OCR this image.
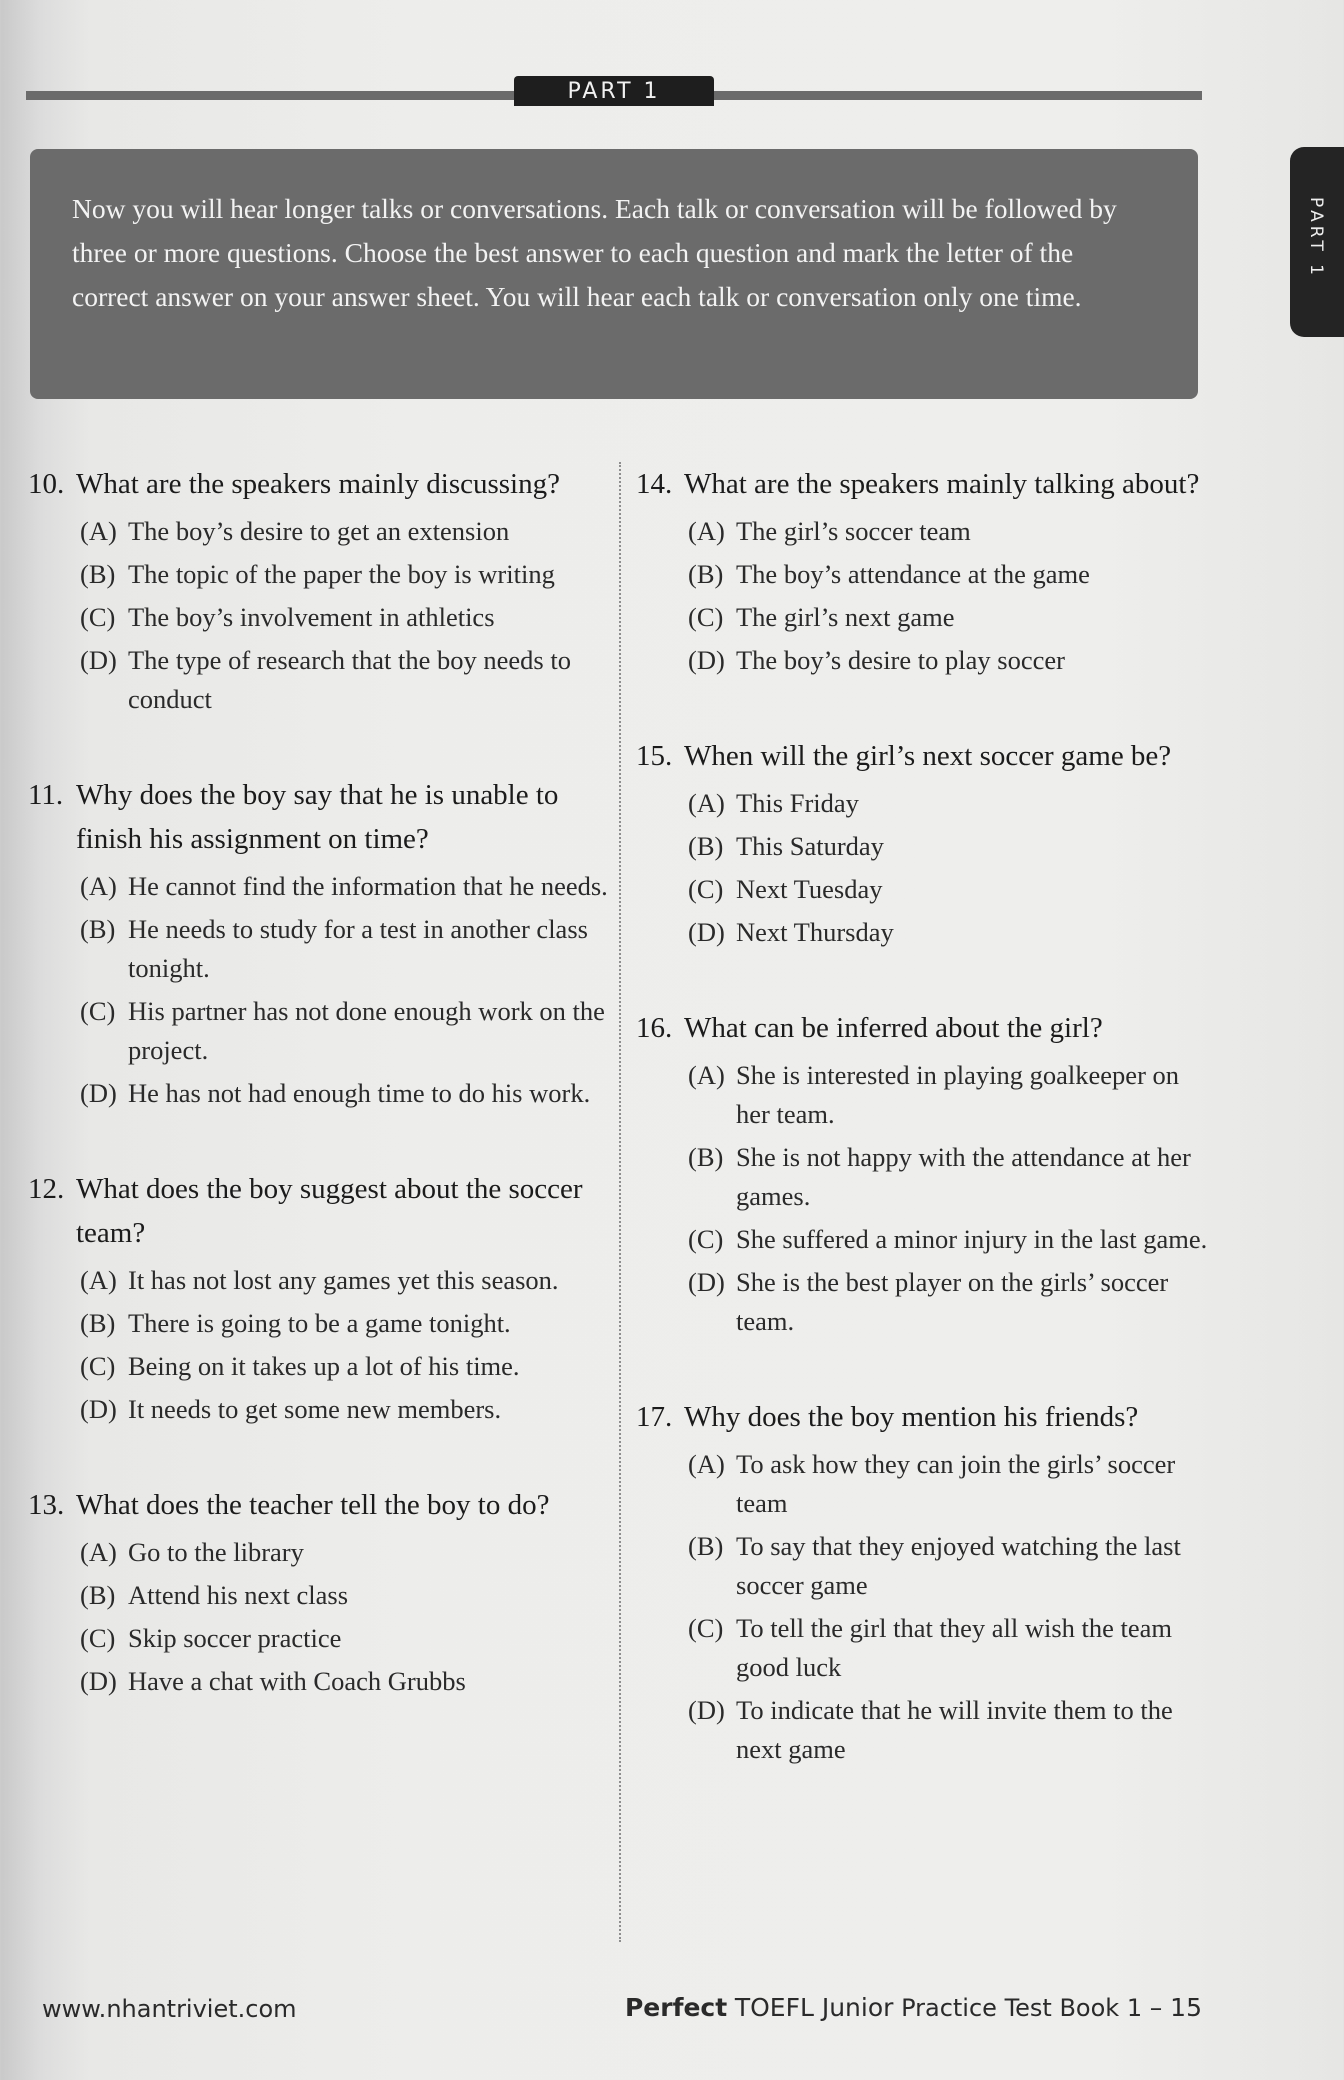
PART 1
PART 1
Now you will hear longer talks or conversations. Each talk or conversation will be followed by three or more questions. Choose the best answer to each question and mark the letter of the correct answer on your answer sheet. You will hear each talk or conversation only one time.
10. What are the speakers mainly discussing?
(A) The boy’s desire to get an extension
(B) The topic of the paper the boy is writing
(C) The boy’s involvement in athletics
(D) The type of research that the boy needs to conduct
11. Why does the boy say that he is unable to finish his assignment on time?
(A) He cannot find the information that he needs.
(B) He needs to study for a test in another class tonight.
(C) His partner has not done enough work on the project.
(D) He has not had enough time to do his work.
12. What does the boy suggest about the soccer team?
(A) It has not lost any games yet this season.
(B) There is going to be a game tonight.
(C) Being on it takes up a lot of his time.
(D) It needs to get some new members.
13. What does the teacher tell the boy to do?
(A) Go to the library
(B) Attend his next class
(C) Skip soccer practice
(D) Have a chat with Coach Grubbs
14. What are the speakers mainly talking about?
(A) The girl’s soccer team
(B) The boy’s attendance at the game
(C) The girl’s next game
(D) The boy’s desire to play soccer
15. When will the girl’s next soccer game be?
(A) This Friday
(B) This Saturday
(C) Next Tuesday
(D) Next Thursday
16. What can be inferred about the girl?
(A) She is interested in playing goalkeeper on her team.
(B) She is not happy with the attendance at her games.
(C) She suffered a minor injury in the last game.
(D) She is the best player on the girls’ soccer team.
17. Why does the boy mention his friends?
(A) To ask how they can join the girls’ soccer team
(B) To say that they enjoyed watching the last soccer game
(C) To tell the girl that they all wish the team good luck
(D) To indicate that he will invite them to the next game
www.nhantriviet.com	Perfect TOEFL Junior Practice Test Book 1 – 15
